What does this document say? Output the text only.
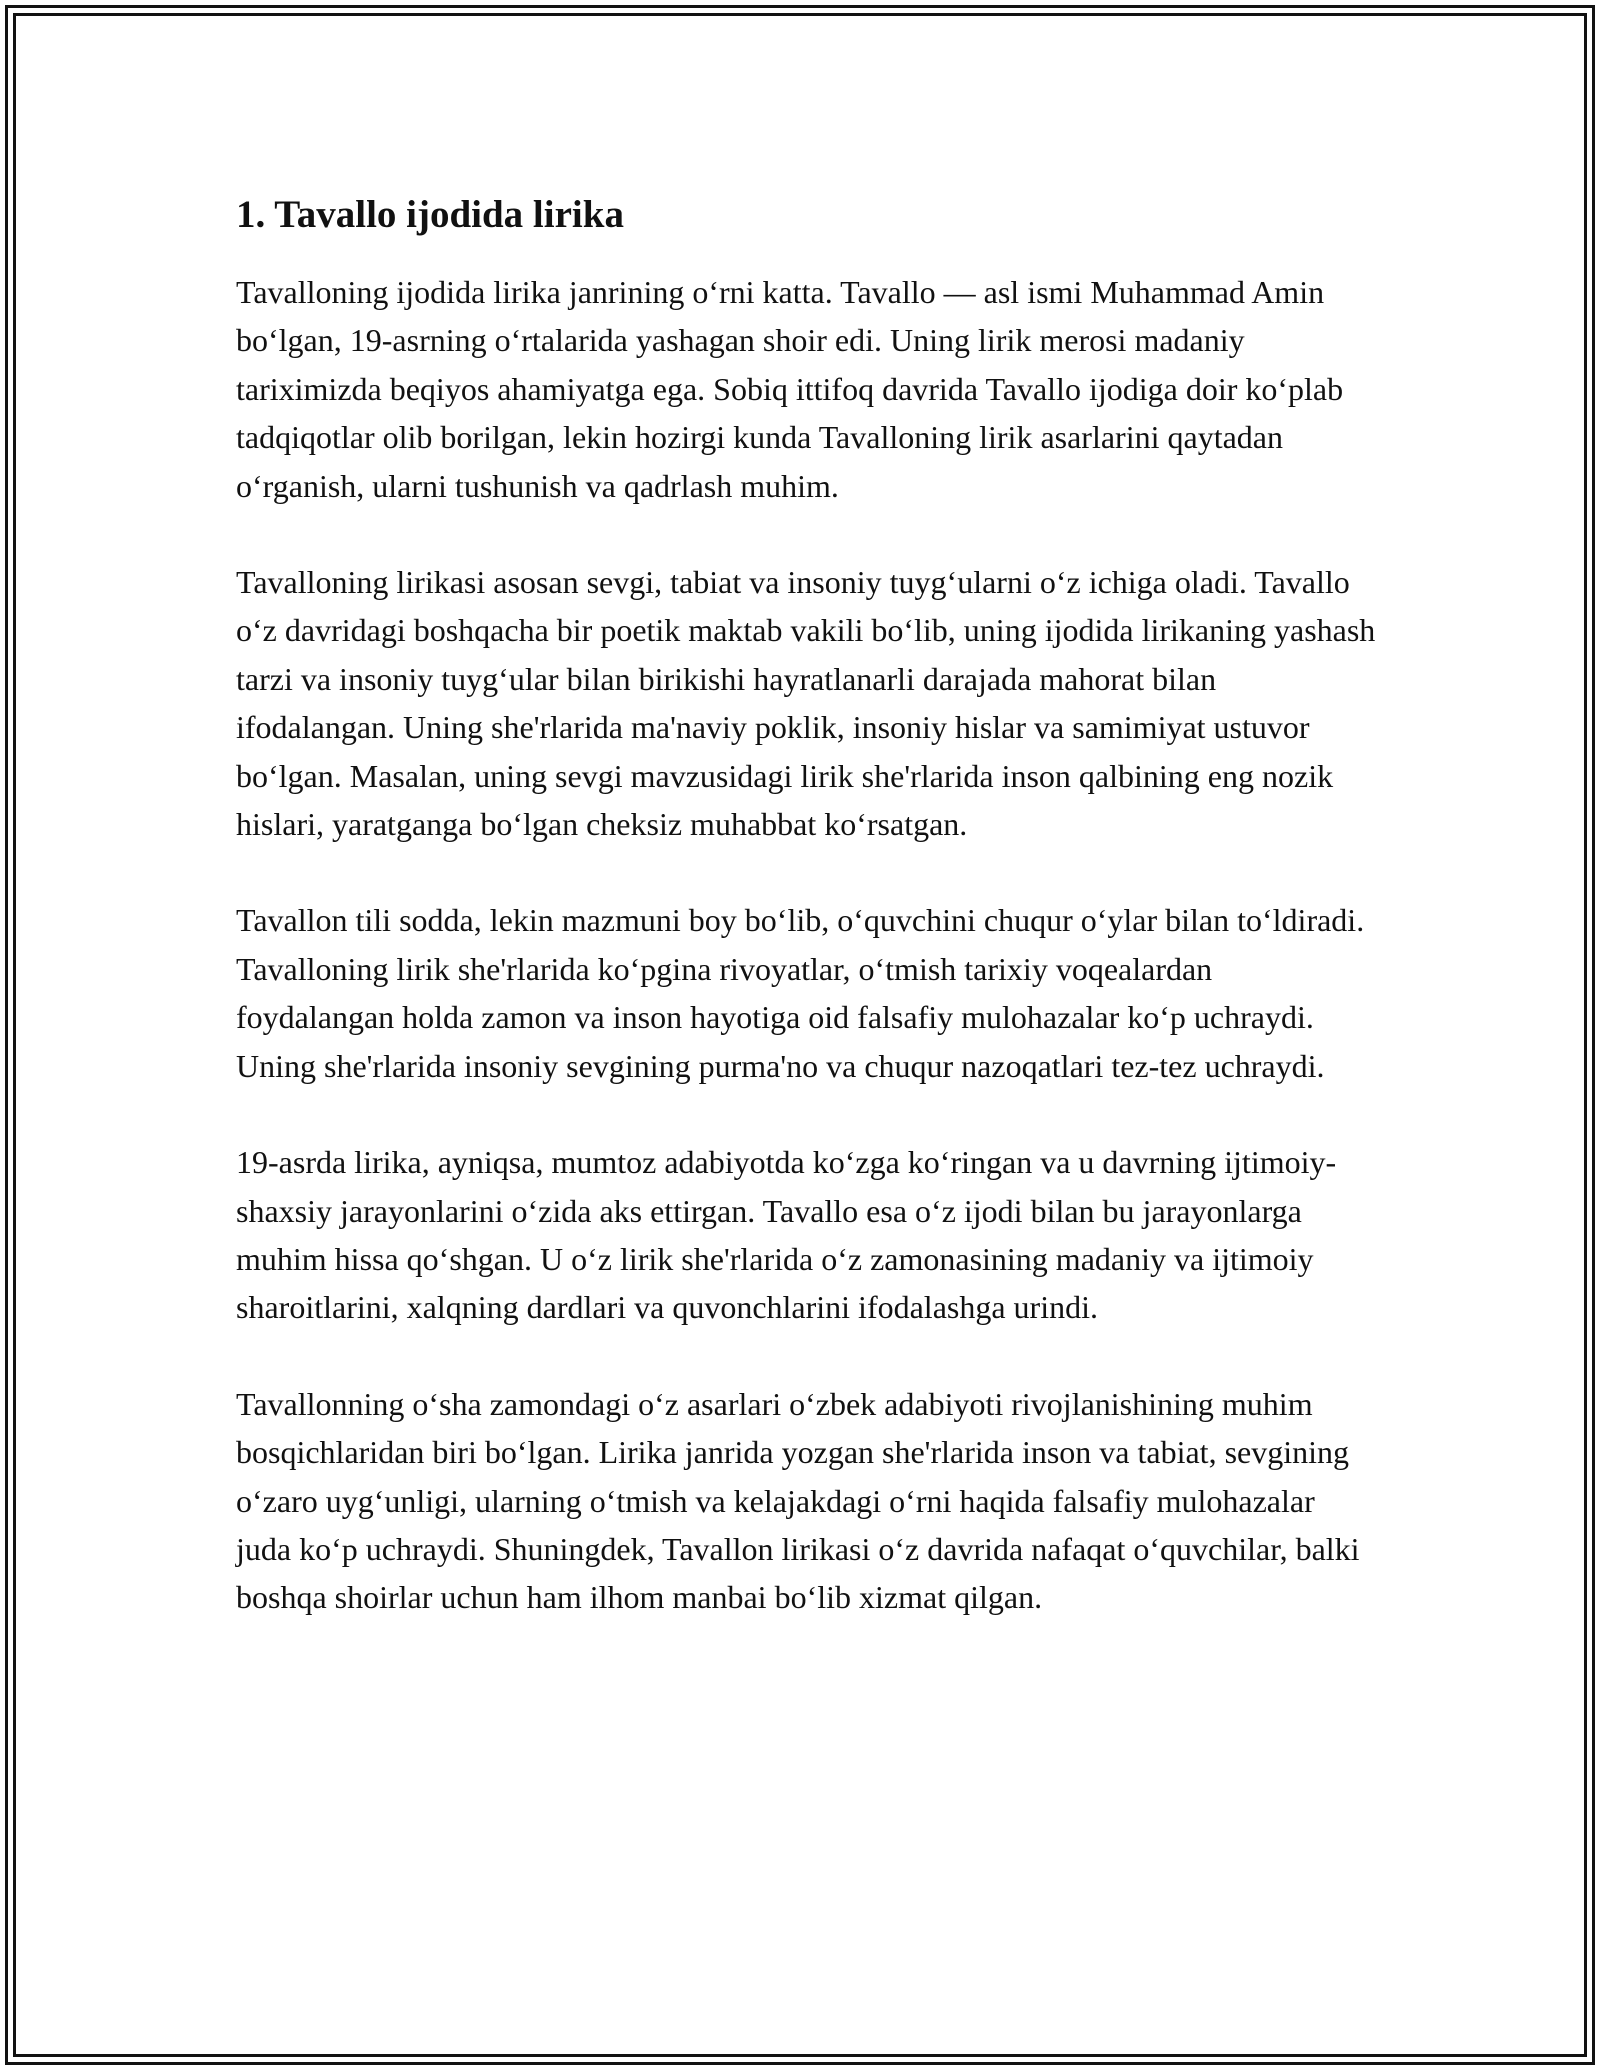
1. Tavallo ijodida lirika

Tavalloning ijodida lirika janrining o‘rni katta. Tavallo — asl ismi Muhammad Amin bo‘lgan, 19-asrning o‘rtalarida yashagan shoir edi. Uning lirik merosi madaniy tariximizda beqiyos ahamiyatga ega. Sobiq ittifoq davrida Tavallo ijodiga doir ko‘plab tadqiqotlar olib borilgan, lekin hozirgi kunda Tavalloning lirik asarlarini qaytadan o‘rganish, ularni tushunish va qadrlash muhim.

Tavalloning lirikasi asosan sevgi, tabiat va insoniy tuyg‘ularni o‘z ichiga oladi. Tavallo o‘z davridagi boshqacha bir poetik maktab vakili bo‘lib, uning ijodida lirikaning yashash tarzi va insoniy tuyg‘ular bilan birikishi hayratlanarli darajada mahorat bilan ifodalangan. Uning she'rlarida ma'naviy poklik, insoniy hislar va samimiyat ustuvor bo‘lgan. Masalan, uning sevgi mavzusidagi lirik she'rlarida inson qalbining eng nozik hislari, yaratganga bo‘lgan cheksiz muhabbat ko‘rsatgan.

Tavallon tili sodda, lekin mazmuni boy bo‘lib, o‘quvchini chuqur o‘ylar bilan to‘ldiradi. Tavalloning lirik she'rlarida ko‘pgina rivoyatlar, o‘tmish tarixiy voqealardan foydalangan holda zamon va inson hayotiga oid falsafiy mulohazalar ko‘p uchraydi. Uning she'rlarida insoniy sevgining purma'no va chuqur nazoqatlari tez-tez uchraydi.

19-asrda lirika, ayniqsa, mumtoz adabiyotda ko‘zga ko‘ringan va u davrning ijtimoiy-shaxsiy jarayonlarini o‘zida aks ettirgan. Tavallo esa o‘z ijodi bilan bu jarayonlarga muhim hissa qo‘shgan. U o‘z lirik she'rlarida o‘z zamonasining madaniy va ijtimoiy sharoitlarini, xalqning dardlari va quvonchlarini ifodalashga urindi.

Tavallonning o‘sha zamondagi o‘z asarlari o‘zbek adabiyoti rivojlanishining muhim bosqichlaridan biri bo‘lgan. Lirika janrida yozgan she'rlarida inson va tabiat, sevgining o‘zaro uyg‘unligi, ularning o‘tmish va kelajakdagi o‘rni haqida falsafiy mulohazalar juda ko‘p uchraydi. Shuningdek, Tavallon lirikasi o‘z davrida nafaqat o‘quvchilar, balki boshqa shoirlar uchun ham ilhom manbai bo‘lib xizmat qilgan.
